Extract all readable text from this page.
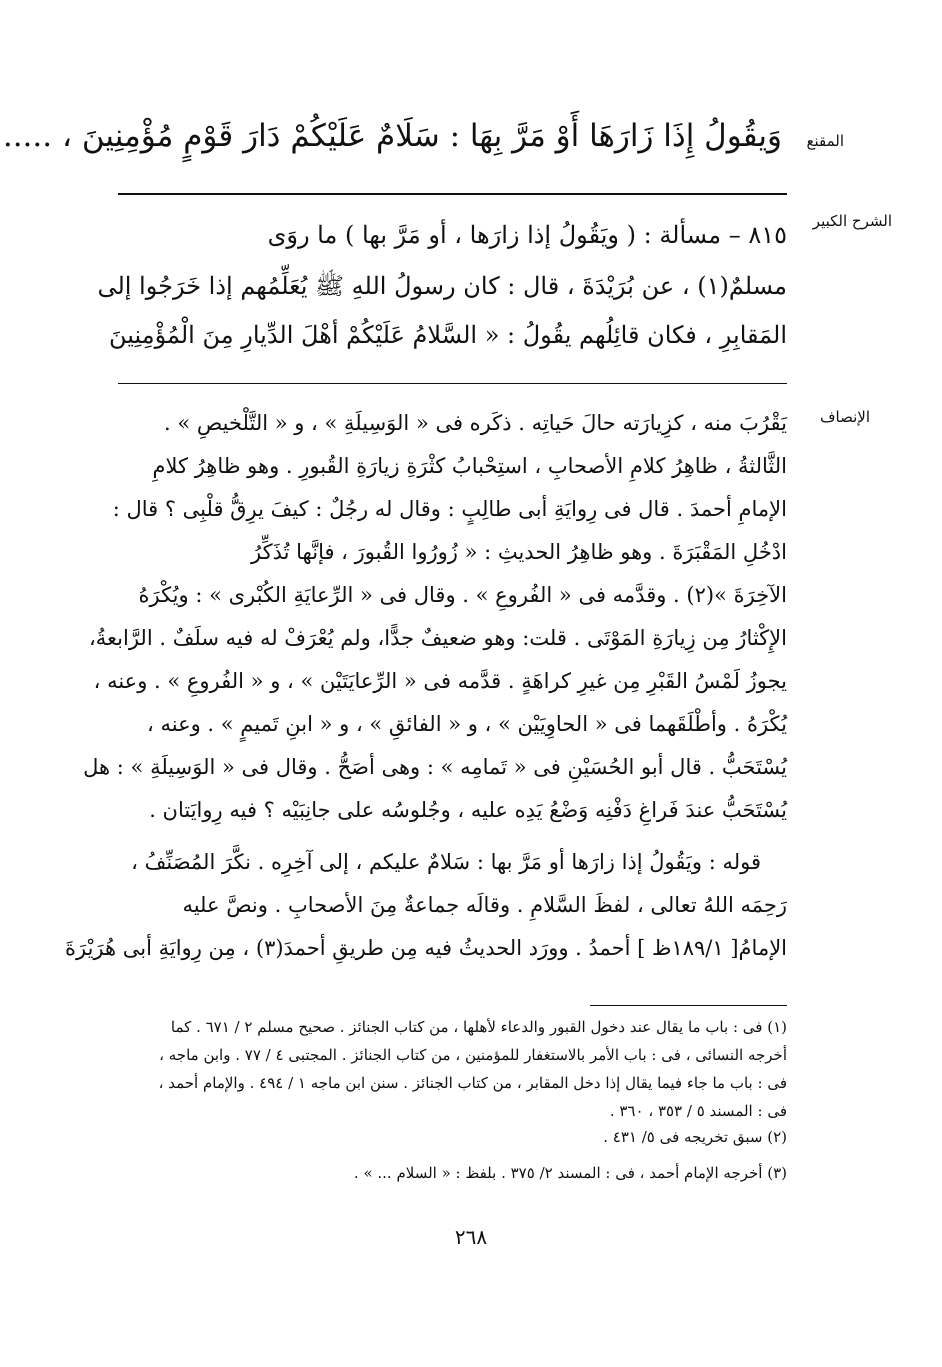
المقنع
وَيقُولُ إِذَا زَارَهَا أَوْ مَرَّ بِهَا : سَلَامٌ عَلَيْكُمْ دَارَ قَوْمٍ مُؤْمِنِينَ ، .....
الشرح الكبير
٨١٥ – مسألة : ( ويَقُولُ إذا زارَها ، أو مَرَّ بها ) ما روَى
مسلمٌ(١) ، عن بُرَيْدَةَ ، قال : كان رسولُ اللهِ ﷺ يُعَلِّمُهم إذا خَرَجُوا إلى
المَقابِرِ ، فكان قائِلُهم يقُولُ : « السَّلامُ عَلَيْكُمْ أهْلَ الدِّيارِ مِنَ الْمُؤْمِنِينَ
الإنصاف
يَقْرُبَ منه ، كزِيارَته حالَ حَياتِه . ذكَره فى « الوَسِيلَةِ » ، و « التَّلْخيصِ » .
الثَّالثةُ ، ظاهِرُ كلامِ الأصحابِ ، استِحْبابُ كثْرَةِ زيارَةِ القُبورِ . وهو ظاهِرُ كلامِ
الإمامِ أحمدَ . قال فى رِوايَةِ أبى طالِبٍ : وقال له رجُلٌ : كيفَ يرِقُّ قلْبِى ؟ قال :
ادْخُلِ المَقْبَرَةَ . وهو ظاهِرُ الحديثِ : « زُورُوا القُبورَ ، فإنَّها تُذَكِّرُ
الآخِرَةَ »(٢) . وقدَّمه فى « الفُروعِ » . وقال فى « الرِّعايَةِ الكُبْرى » : ويُكْرَهُ
الإِكْثارُ مِن زِيارَةِ المَوْتَى . قلت: وهو ضعيفٌ جدًّا، ولم يُعْرَفْ له فيه سلَفٌ . الرَّابعةُ،
يجوزُ لَمْسُ القَبْرِ مِن غيرِ كراهَةٍ . قدَّمه فى « الرِّعايَتَيْن » ، و « الفُروعِ » . وعنه ،
يُكْرَهُ . وأطْلَقَهما فى « الحاوِيَيْن » ، و « الفائقِ » ، و « ابنِ تَميمٍ » . وعنه ،
يُسْتَحَبُّ . قال أبو الحُسَيْنِ فى « تَمامِه » : وهى أصَحُّ . وقال فى « الوَسِيلَةِ » : هل
يُسْتَحَبُّ عندَ فَراغِ دَفْنِه وَضْعُ يَدِه عليه ، وجُلوسُه على جانِبَيْه ؟ فيه رِوايَتان .
قوله : ويَقُولُ إذا زارَها أو مَرَّ بها : سَلامٌ عليكم ، إلى آخِرِه . نكَّرَ المُصَنِّفُ ،
رَحِمَه اللهُ تعالى ، لفظَ السَّلامِ . وقالَه جماعةٌ مِنَ الأصحابِ . ونصَّ عليه
الإمامُ[ ١٨٩/١ظ ] أحمدُ . وورَد الحديثُ فيه مِن طريقِ أحمدَ(٣) ، مِن رِوايَةِ أبى هُرَيْرَةَ
(١) فى : باب ما يقال عند دخول القبور والدعاء لأهلها ، من كتاب الجنائز . صحيح مسلم ٢ / ٦٧١ . كما
أخرجه النسائى ، فى : باب الأمر بالاستغفار للمؤمنين ، من كتاب الجنائز . المجتبى ٤ / ٧٧ . وابن ماجه ،
فى : باب ما جاء فيما يقال إذا دخل المقابر ، من كتاب الجنائز . سنن ابن ماجه ١ / ٤٩٤ . والإمام أحمد ،
فى : المسند ٥ / ٣٥٣ ، ٣٦٠ .
(٢) سبق تخريجه فى ٥/ ٤٣١ .
(٣) أخرجه الإمام أحمد ، فى : المسند ٢/ ٣٧٥ . بلفظ : « السلام ... » .
٢٦٨
